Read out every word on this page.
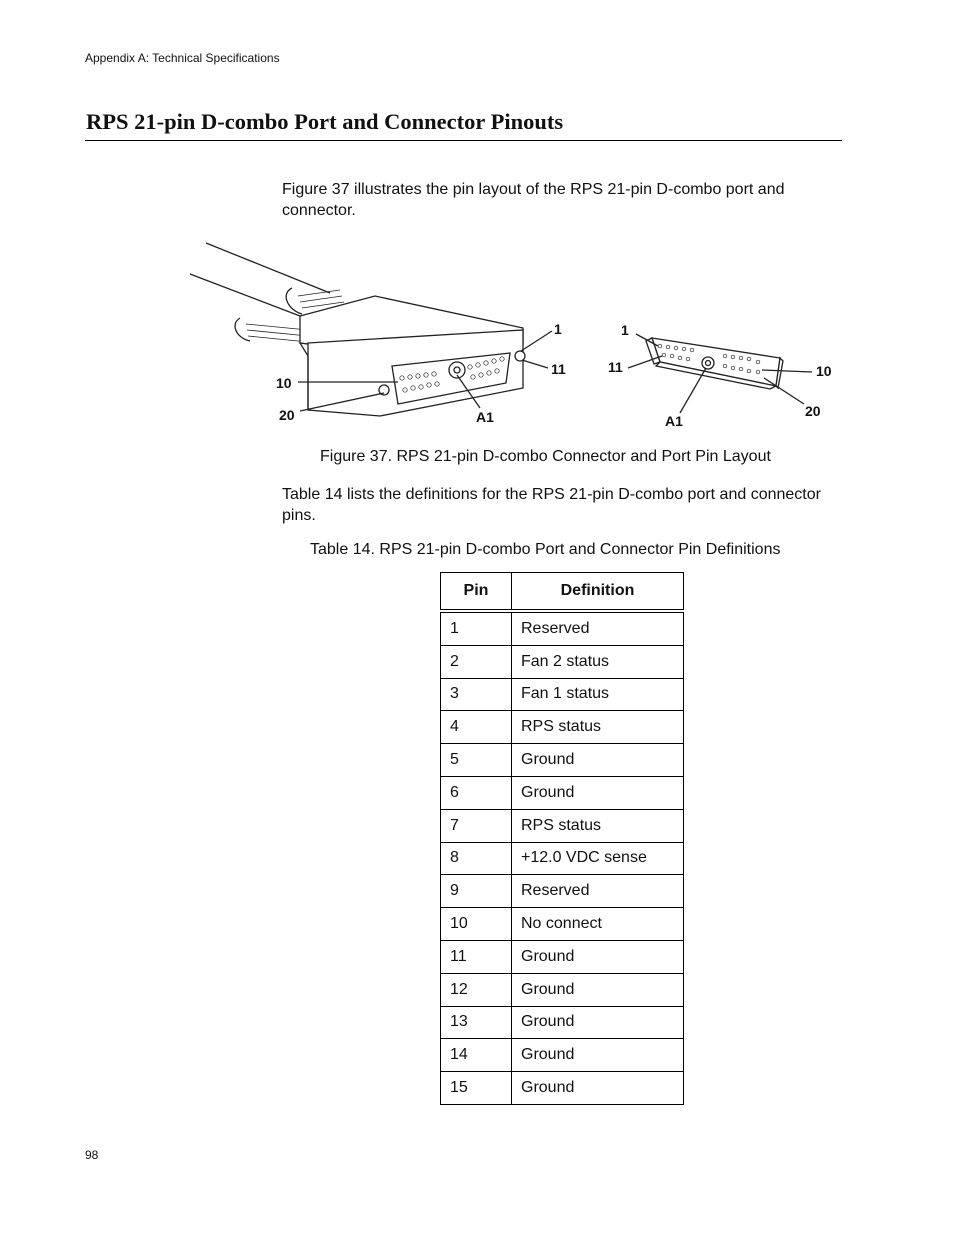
Appendix A: Technical Specifications
RPS 21-pin D-combo Port and Connector Pinouts
Figure 37 illustrates the pin layout of the RPS 21-pin D-combo port and connector.
1
11
10
20	A1
1
11	10
20
A1
Figure 37. RPS 21-pin D-combo Connector and Port Pin Layout
Table 14 lists the definitions for the RPS 21-pin D-combo port and connector pins.
Table 14. RPS 21-pin D-combo Port and Connector Pin Definitions
Pin	Definition
1	Reserved
2	Fan 2 status
3	Fan 1 status
4	RPS status
5	Ground
6	Ground
7	RPS status
8	+12.0 VDC sense
9	Reserved
10	No connect
11	Ground
12	Ground
13	Ground
14	Ground
15	Ground
98
